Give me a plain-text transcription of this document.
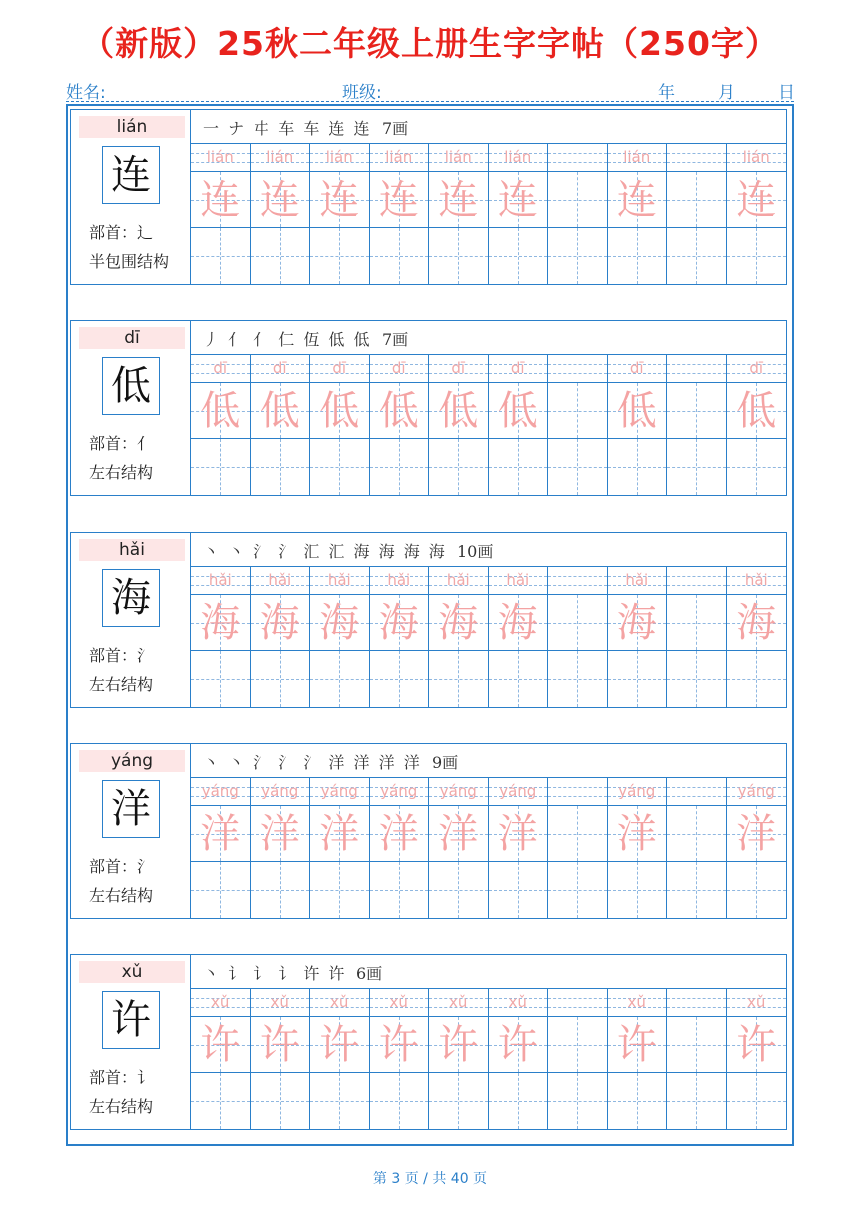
（新版）25秋二年级上册生字字帖（250字）
姓名:	班级:	年	月	日
lián
连
部首：辶
半包围结构
一 ナ 㐄 车 车 连 连 7画
lián
连
lián
连
lián
连
lián
连
lián
连
lián
连
lián
连
lián
连
dī
低
部首：亻
左右结构
丿 亻 亻 仁 仾 低 低 7画
dī
低
dī
低
dī
低
dī
低
dī
低
dī
低
dī
低
dī
低
hǎi
海
部首：氵
左右结构
丶 丶 氵 氵 汇 汇 海 海 海 海 10画
hǎi
海
hǎi
海
hǎi
海
hǎi
海
hǎi
海
hǎi
海
hǎi
海
hǎi
海
yáng
洋
部首：氵
左右结构
丶 丶 氵 氵 氵 洋 洋 洋 洋 9画
yáng
洋
yáng
洋
yáng
洋
yáng
洋
yáng
洋
yáng
洋
yáng
洋
yáng
洋
xǔ
许
部首：讠
左右结构
丶 讠 讠 讠 许 许 6画
xǔ
许
xǔ
许
xǔ
许
xǔ
许
xǔ
许
xǔ
许
xǔ
许
xǔ
许
第 3 页 / 共 40 页
